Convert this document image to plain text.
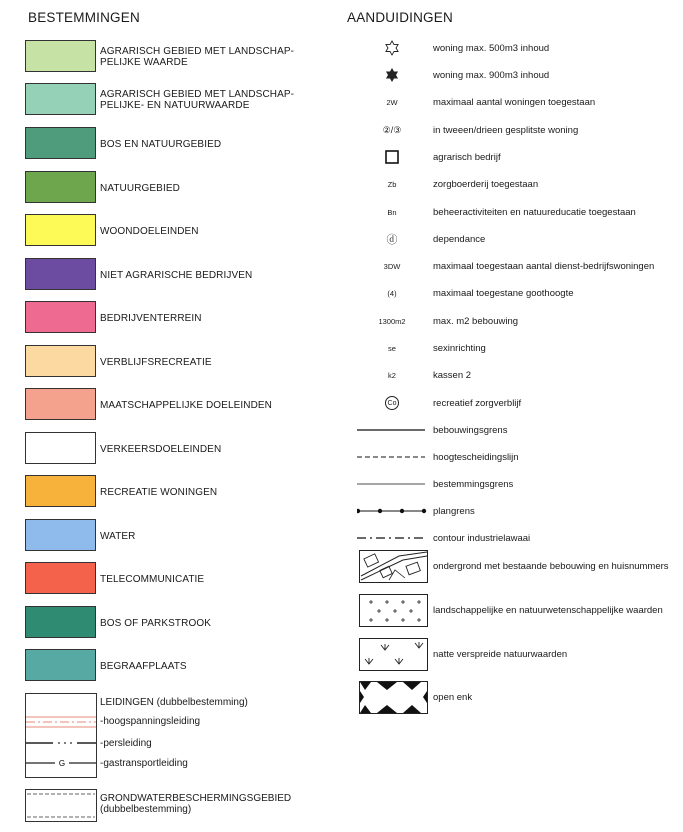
BESTEMMINGEN	AANDUIDINGEN
AGRARISCH GEBIED MET LANDSCHAP-
PELIJKE WAARDE
AGRARISCH GEBIED MET LANDSCHAP-
PELIJKE- EN NATUURWAARDE
BOS EN NATUURGEBIED
NATUURGEBIED
WOONDOELEINDEN
NIET AGRARISCHE BEDRIJVEN
BEDRIJVENTERREIN
VERBLIJFSRECREATIE
MAATSCHAPPELIJKE DOELEINDEN
VERKEERSDOELEINDEN
RECREATIE WONINGEN
WATER
TELECOMMUNICATIE
BOS OF PARKSTROOK
BEGRAAFPLAATS
G
LEIDINGEN (dubbelbestemming)
-hoogspanningsleiding
-persleiding
-gastransportleiding
GRONDWATERBESCHERMINGSGEBIED
(dubbelbestemming)
woning max. 500m3 inhoud
woning max. 900m3 inhoud
2W	maximaal aantal woningen toegestaan
②/③	in tweeen/drieen gesplitste woning
agrarisch bedrijf
Zb	zorgboerderij toegestaan
Bn	beheeractiviteiten en natuureducatie toegestaan
ⓓ	dependance
3DW	maximaal toegestaan aantal dienst-bedrijfswoningen
(4)	maximaal toegestane goothoogte
1300m2	max. m2 bebouwing
se	sexinrichting
k2	kassen 2
Co	recreatief zorgverblijf
bebouwingsgrens
hoogtescheidingslijn
bestemmingsgrens
plangrens
contour industrielawaai
ondergrond met bestaande bebouwing en huisnummers
landschappelijke en natuurwetenschappelijke waarden
natte verspreide natuurwaarden
open enk
